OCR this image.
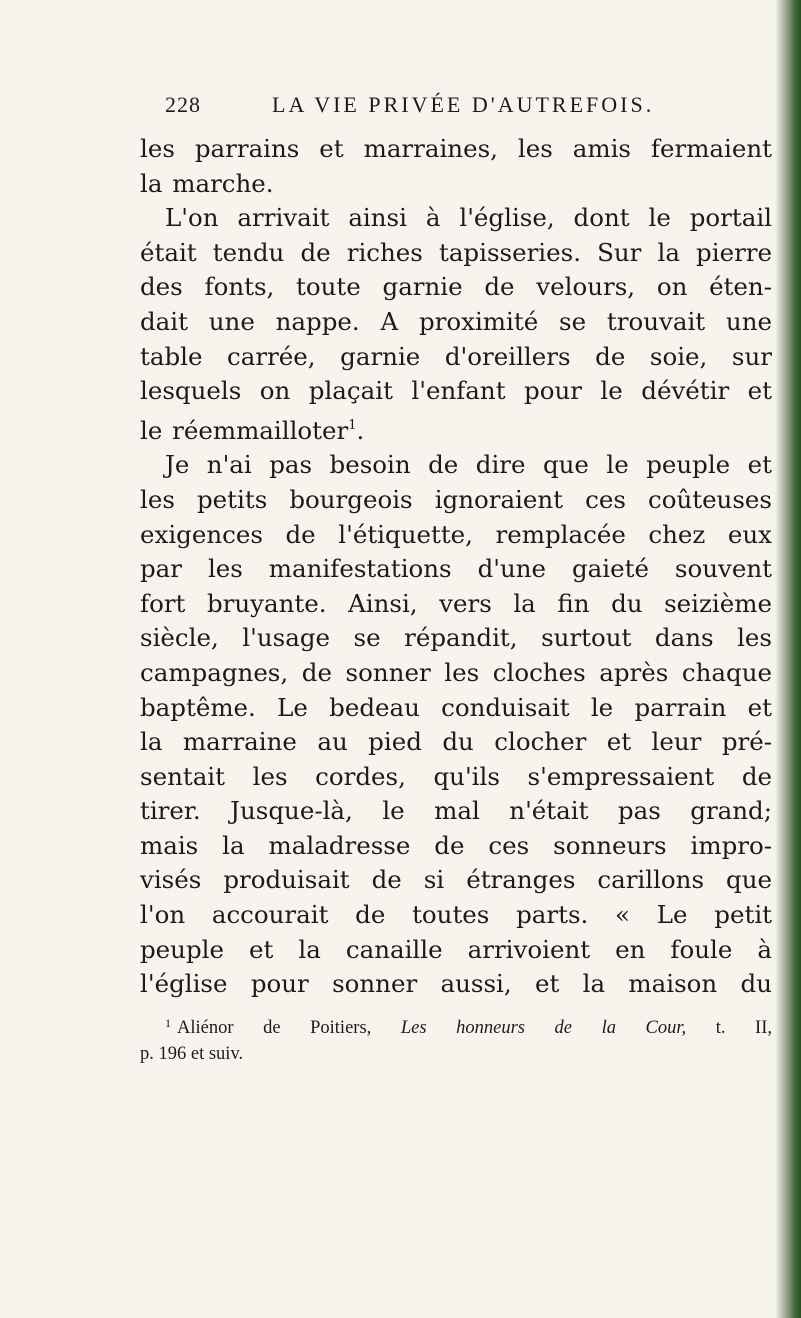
228	LA VIE PRIVÉE D'AUTREFOIS.
les parrains et marraines, les amis fermaient
la marche.
L'on arrivait ainsi à l'église, dont le portail
était tendu de riches tapisseries. Sur la pierre
des fonts, toute garnie de velours, on éten-
dait une nappe. A proximité se trouvait une
table carrée, garnie d'oreillers de soie, sur
lesquels on plaçait l'enfant pour le dévétir et
le réemmailloter$^1$.
Je n'ai pas besoin de dire que le peuple et
les petits bourgeois ignoraient ces coûteuses
exigences de l'étiquette, remplacée chez eux
par les manifestations d'une gaieté souvent
fort bruyante. Ainsi, vers la fin du seizième
siècle, l'usage se répandit, surtout dans les
campagnes, de sonner les cloches après chaque
baptême. Le bedeau conduisait le parrain et
la marraine au pied du clocher et leur pré-
sentait les cordes, qu'ils s'empressaient de
tirer. Jusque-là, le mal n'était pas grand;
mais la maladresse de ces sonneurs impro-
visés produisait de si étranges carillons que
l'on accourait de toutes parts. « Le petit
peuple et la canaille arrivoient en foule à
l'église pour sonner aussi, et la maison du
$^1$ Aliénor de Poitiers, Les honneurs de la Cour, t. II,
p. 196 et suiv.
